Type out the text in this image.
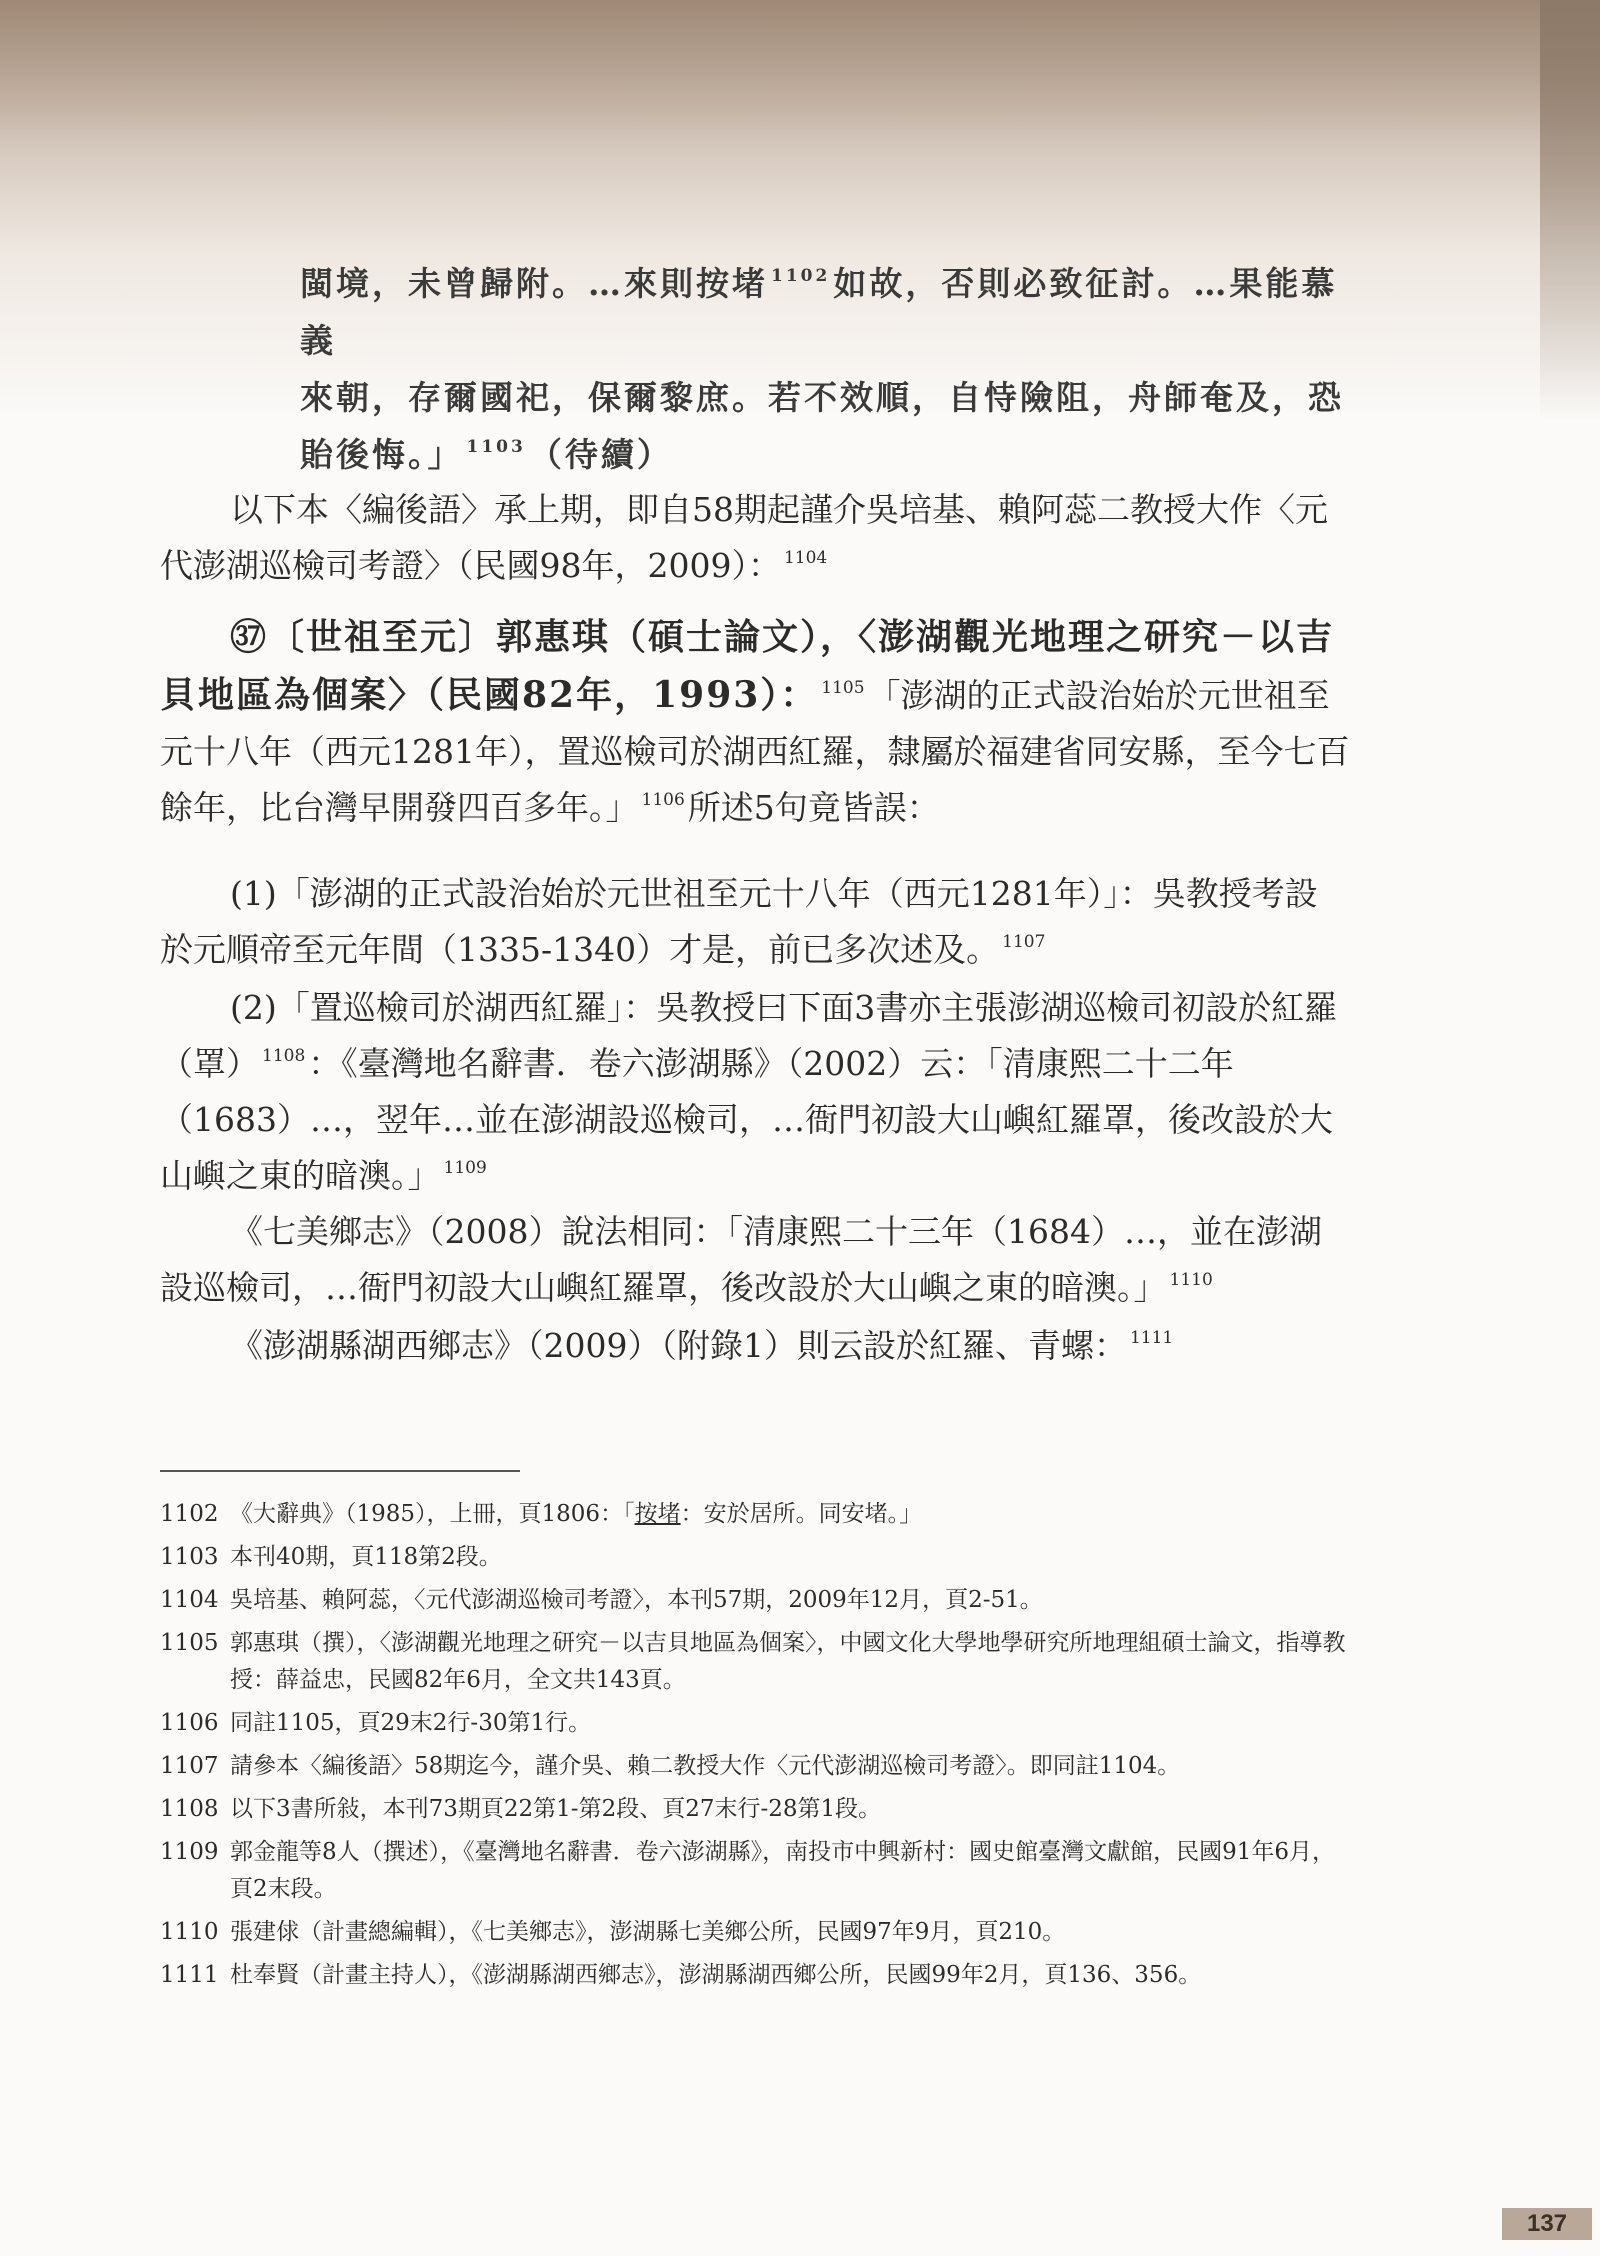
閩境，未曾歸附。…來則按堵 $^{1102}$如故，否則必致征討。…果能慕義

來朝，存爾國祀，保爾黎庶。若不效順，自恃險阻，舟師奄及，恐

貽後悔。」 $^{1103}$（待續）

以下本〈編後語〉承上期，即自58期起謹介吳培基、賴阿蕊二教授大作〈元代澎湖巡檢司考證〉（民國98年，2009）： $^{1104}$

㊲〔世祖至元〕郭惠琪（碩士論文），〈澎湖觀光地理之研究－以吉貝地區為個案〉（民國82年，1993）： $^{1105}$「澎湖的正式設治始於元世祖至元十八年（西元1281年），置巡檢司於湖西紅羅，隸屬於福建省同安縣，至今七百餘年，比台灣早開發四百多年。」 $^{1106}$所述5句竟皆誤：

(1)「澎湖的正式設治始於元世祖至元十八年（西元1281年）」：吳教授考設於元順帝至元年間（1335-1340）才是，前已多次述及。 $^{1107}$

(2)「置巡檢司於湖西紅羅」：吳教授曰下面3書亦主張澎湖巡檢司初設於紅羅（罩） $^{1108}$：《臺灣地名辭書．卷六澎湖縣》（2002）云：「清康熙二十二年（1683）…，翌年…並在澎湖設巡檢司，…衙門初設大山嶼紅羅罩，後改設於大山嶼之東的暗澳。」 $^{1109}$

《七美鄉志》（2008）說法相同：「清康熙二十三年（1684）…，並在澎湖設巡檢司，…衙門初設大山嶼紅羅罩，後改設於大山嶼之東的暗澳。」 $^{1110}$

《澎湖縣湖西鄉志》（2009）（附錄1）則云設於紅羅、青螺： $^{1111}$

1102 《大辭典》（1985），上冊，頁1806：「按堵：安於居所。同安堵。」
1103 本刊40期，頁118第2段。
1104 吳培基、賴阿蕊，〈元代澎湖巡檢司考證〉，本刊57期，2009年12月，頁2-51。
1105 郭惠琪（撰），〈澎湖觀光地理之研究－以吉貝地區為個案〉，中國文化大學地學研究所地理組碩士論文，指導教授：薛益忠，民國82年6月，全文共143頁。
1106 同註1105，頁29末2行-30第1行。
1107 請參本〈編後語〉58期迄今，謹介吳、賴二教授大作〈元代澎湖巡檢司考證〉。即同註1104。
1108 以下3書所敍，本刊73期頁22第1-第2段、頁27末行-28第1段。
1109 郭金龍等8人（撰述），《臺灣地名辭書．卷六澎湖縣》，南投市中興新村：國史館臺灣文獻館，民國91年6月，頁2末段。
1110 張建俅（計畫總編輯），《七美鄉志》，澎湖縣七美鄉公所，民國97年9月，頁210。
1111 杜奉賢（計畫主持人），《澎湖縣湖西鄉志》，澎湖縣湖西鄉公所，民國99年2月，頁136、356。
137
